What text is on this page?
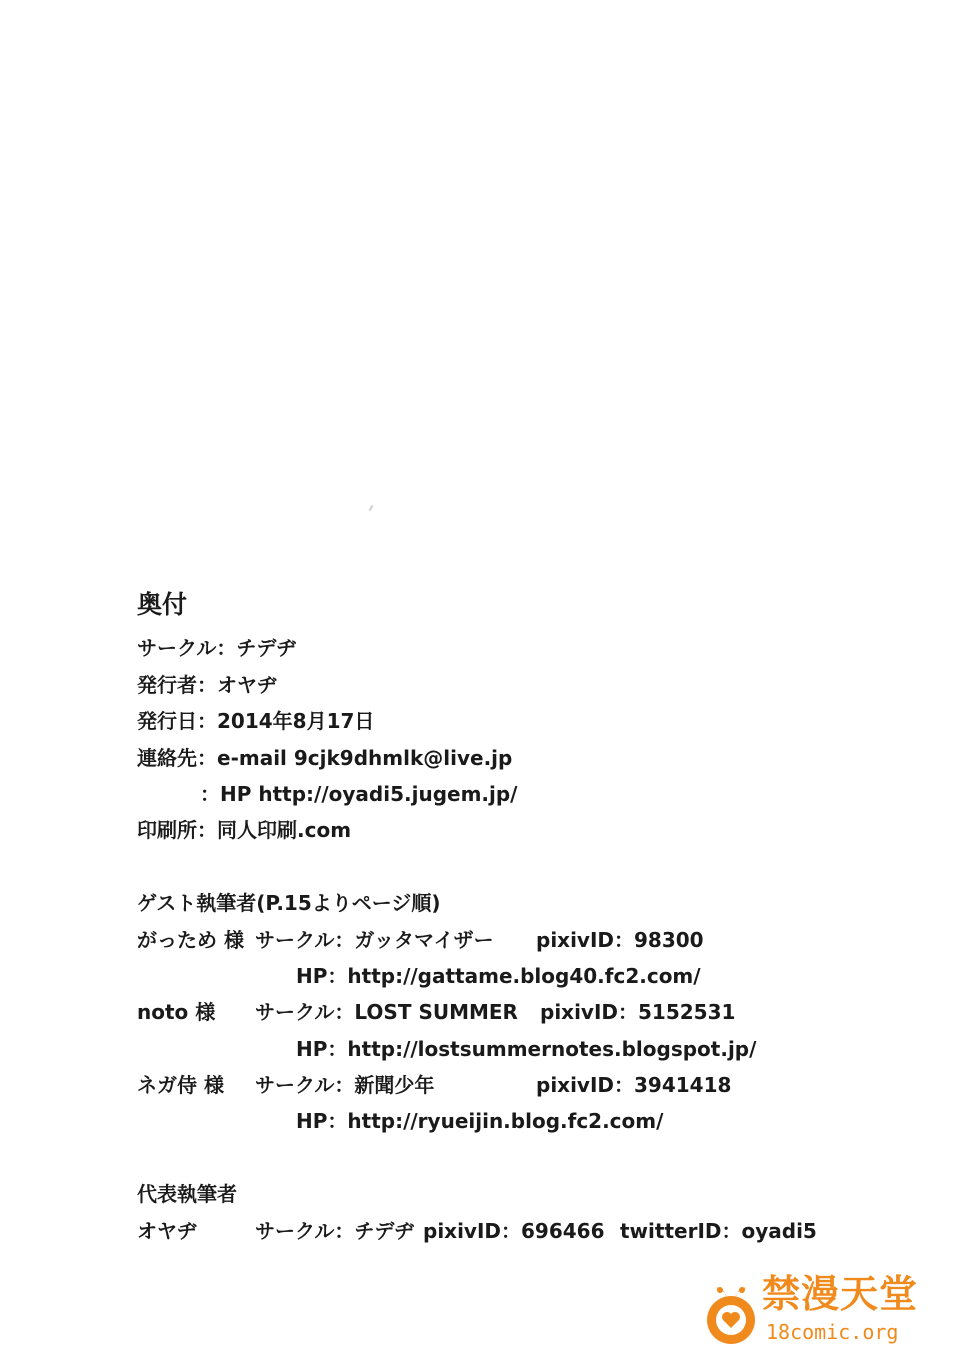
奥付
サークル：チデヂ
発行者：オヤヂ
発行日：2014年8月17日
連絡先：e-mail 9cjk9dhmlk@live.jp
：HP http://oyadi5.jugem.jp/
印刷所：同人印刷.com
ゲスト執筆者(P.15よりページ順)
がっため 様 サークル：ガッタマイザー pixivID：98300
HP：http://gattame.blog40.fc2.com/
noto 様 サークル：LOST SUMMER pixivID：5152531
HP：http://lostsummernotes.blogspot.jp/
ネガ侍 様 サークル：新聞少年	pixivID：3941418
HP：http://ryueijin.blog.fc2.com/
代表執筆者
オヤヂ	サークル：チデヂ pixivID：696466 twitterID：oyadi5
禁漫天堂
18comic.org
